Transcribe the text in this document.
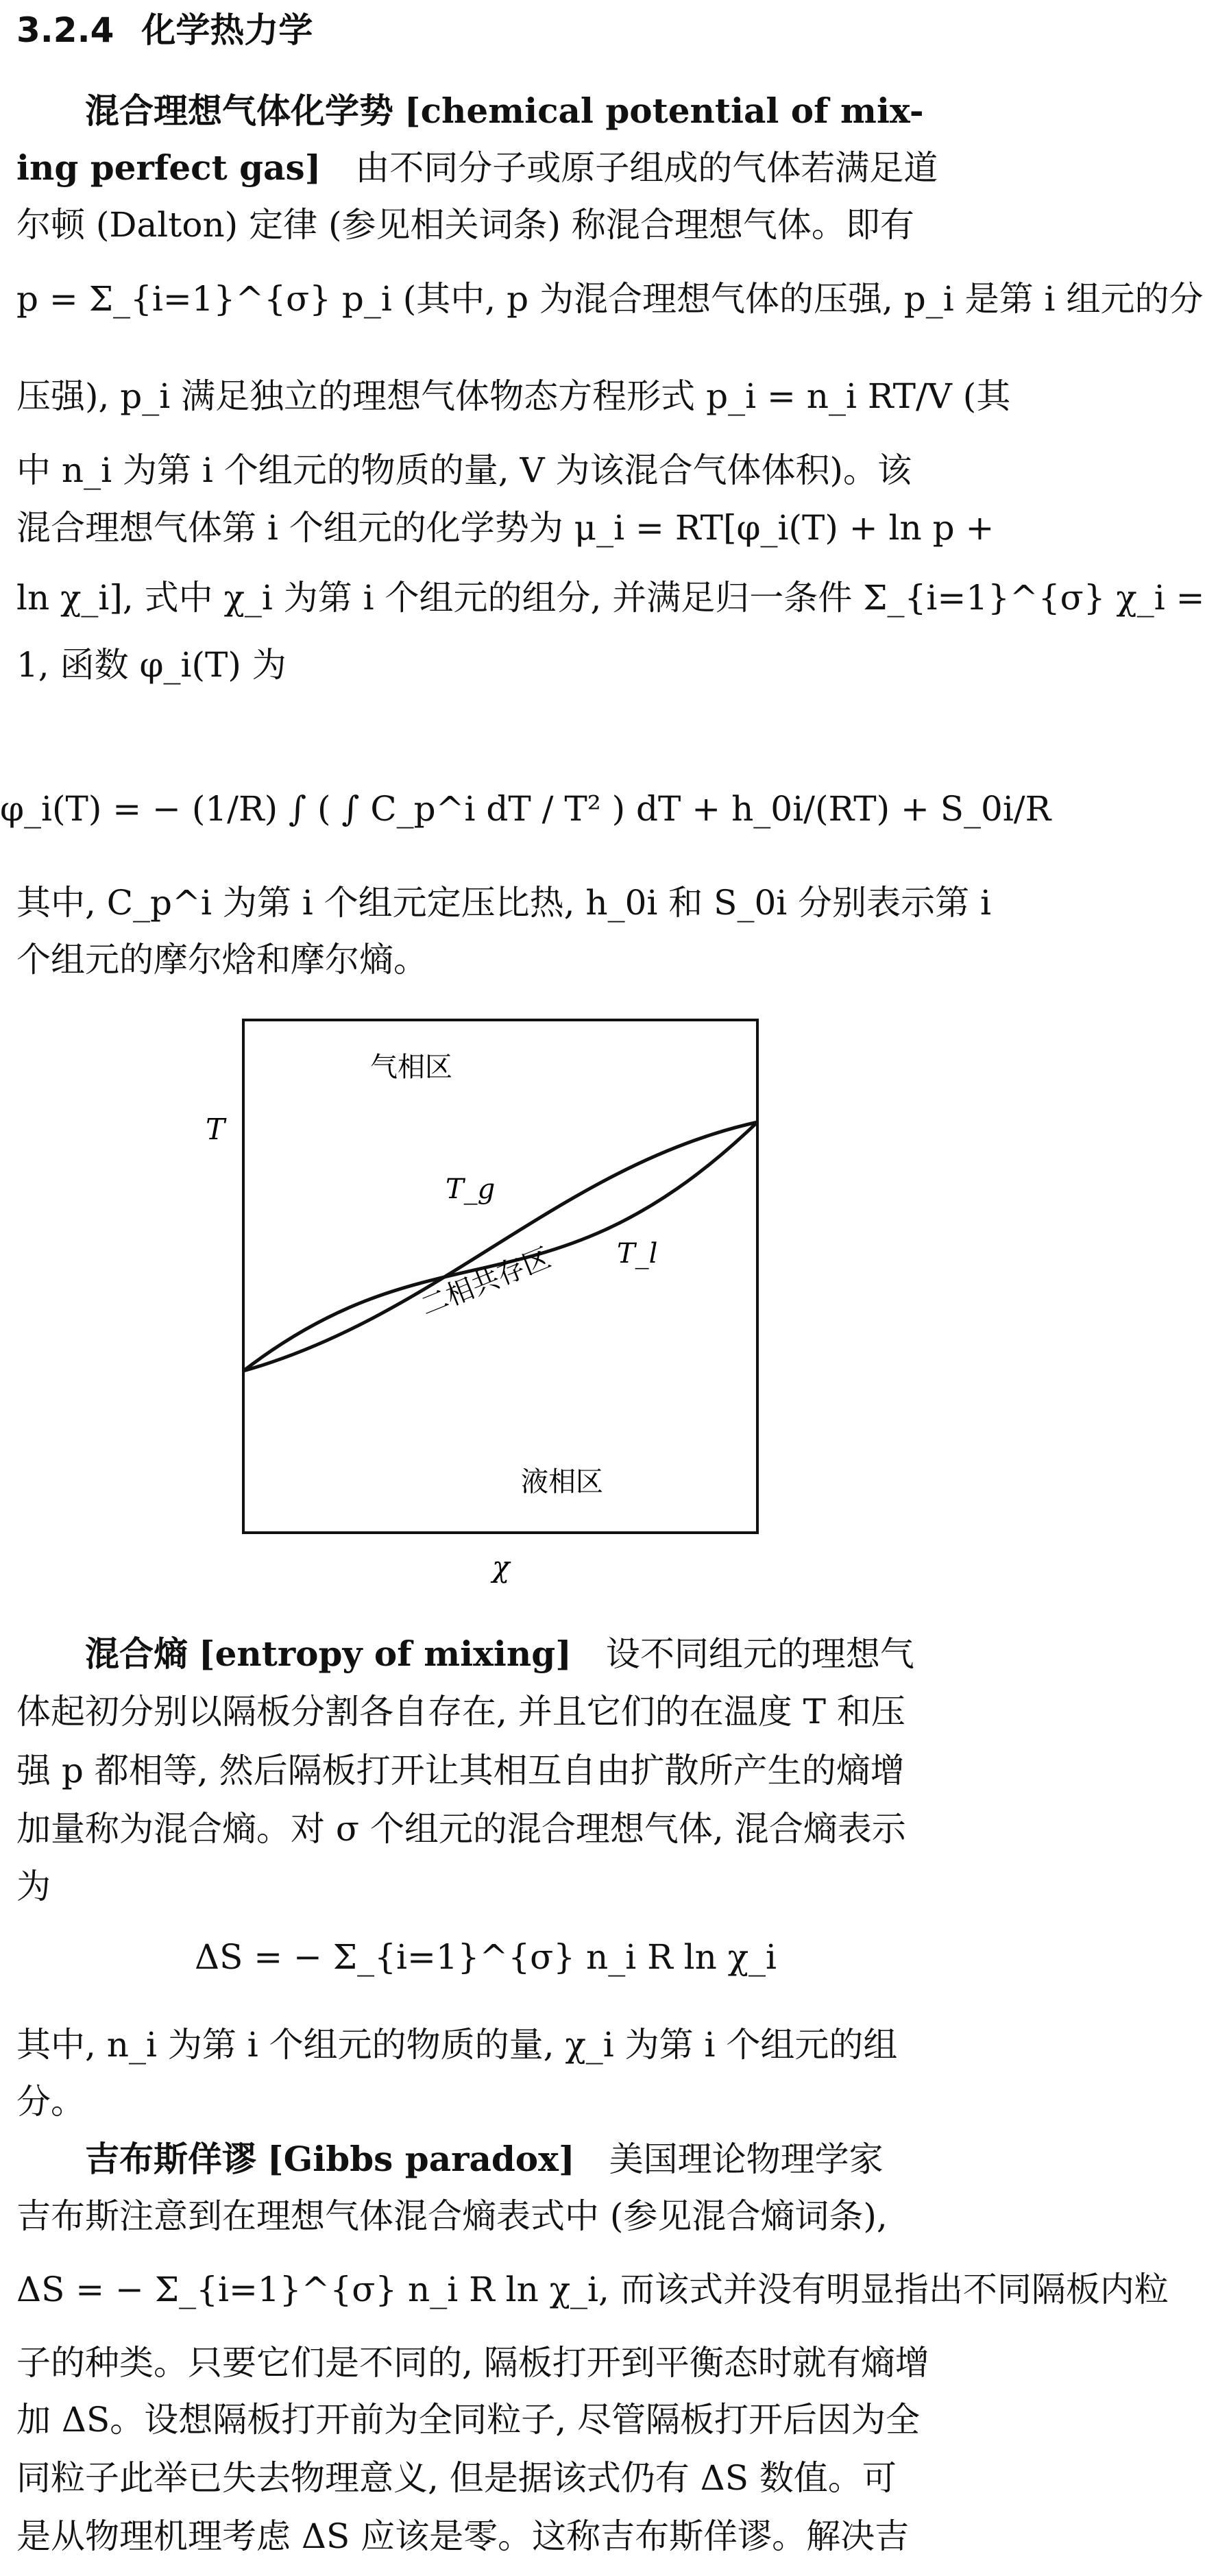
3.2.4 化学热力学
混合理想气体化学势 [chemical potential of mix-
ing perfect gas] 由不同分子或原子组成的气体若满足道
尔顿 (Dalton) 定律 (参见相关词条) 称混合理想气体。即有
p = Σ_{i=1}^{σ} p_i (其中, p 为混合理想气体的压强, p_i 是第 i 组元的分
压强), p_i 满足独立的理想气体物态方程形式 p_i = n_i RT/V (其
中 n_i 为第 i 个组元的物质的量, V 为该混合气体体积)。该
混合理想气体第 i 个组元的化学势为 μ_i = RT[φ_i(T) + ln p +
ln χ_i], 式中 χ_i 为第 i 个组元的组分, 并满足归一条件 Σ_{i=1}^{σ} χ_i =
1, 函数 φ_i(T) 为
φ_i(T) = − (1/R) ∫ ( ∫ C_p^i dT / T² ) dT + h_0i/(RT) + S_0i/R
其中, C_p^i 为第 i 个组元定压比热, h_0i 和 S_0i 分别表示第 i
个组元的摩尔焓和摩尔熵。
气相区
二相共存区
液相区
T
χ
T_g
T_l
混合熵 [entropy of mixing] 设不同组元的理想气
体起初分别以隔板分割各自存在, 并且它们的在温度 T 和压
强 p 都相等, 然后隔板打开让其相互自由扩散所产生的熵增
加量称为混合熵。对 σ 个组元的混合理想气体, 混合熵表示
为
ΔS = − Σ_{i=1}^{σ} n_i R ln χ_i
其中, n_i 为第 i 个组元的物质的量, χ_i 为第 i 个组元的组
分。
吉布斯佯谬 [Gibbs paradox] 美国理论物理学家
吉布斯注意到在理想气体混合熵表式中 (参见混合熵词条),
ΔS = − Σ_{i=1}^{σ} n_i R ln χ_i, 而该式并没有明显指出不同隔板内粒
子的种类。只要它们是不同的, 隔板打开到平衡态时就有熵增
加 ΔS。设想隔板打开前为全同粒子, 尽管隔板打开后因为全
同粒子此举已失去物理意义, 但是据该式仍有 ΔS 数值。可
是从物理机理考虑 ΔS 应该是零。这称吉布斯佯谬。解决吉
